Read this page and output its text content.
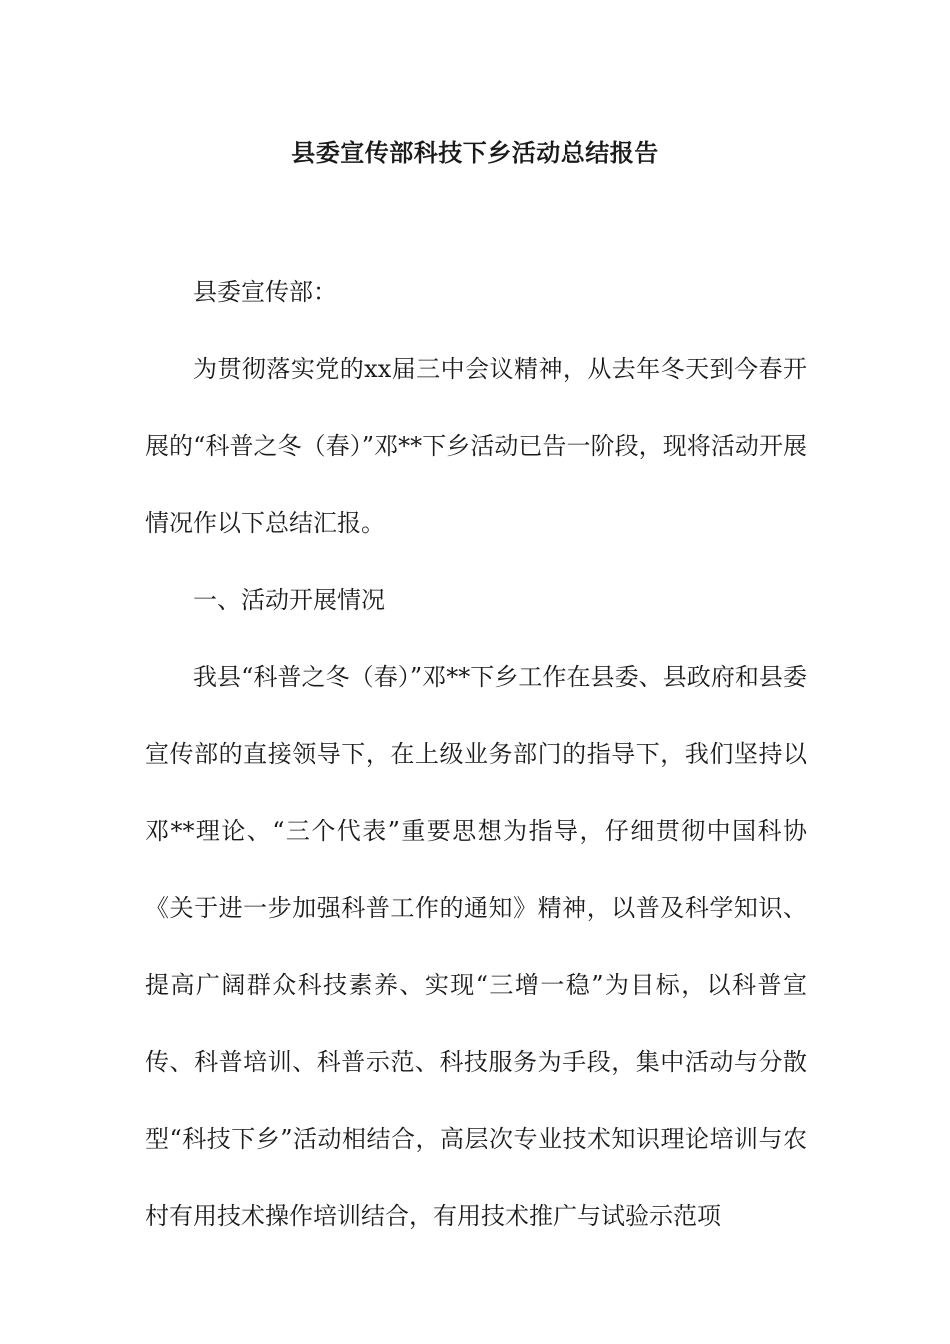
县委宣传部科技下乡活动总结报告

县委宣传部：

为贯彻落实党的xx届三中会议精神，从去年冬天到今春开展的“科普之冬（春）”邓**下乡活动已告一阶段，现将活动开展情况作以下总结汇报。

一、活动开展情况

我县“科普之冬（春）”邓**下乡工作在县委、县政府和县委宣传部的直接领导下，在上级业务部门的指导下，我们坚持以邓**理论、“三个代表”重要思想为指导，仔细贯彻中国科协《关于进一步加强科普工作的通知》精神，以普及科学知识、提高广阔群众科技素养、实现“三增一稳”为目标，以科普宣传、科普培训、科普示范、科技服务为手段，集中活动与分散型“科技下乡”活动相结合，高层次专业技术知识理论培训与农村有用技术操作培训结合，有用技术推广与试验示范项
